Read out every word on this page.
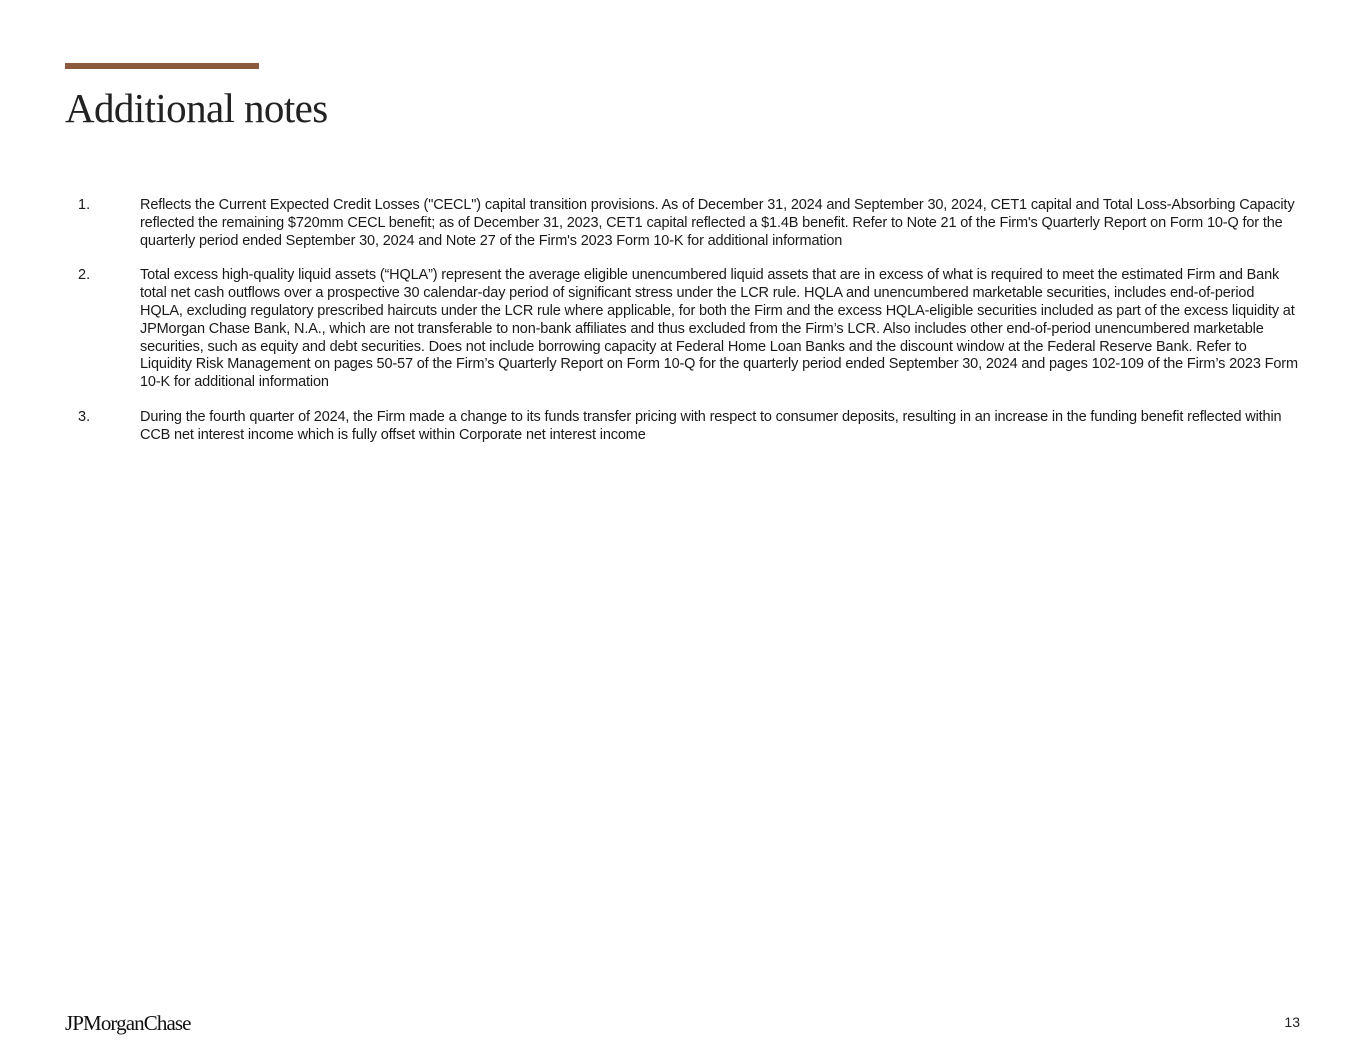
Additional notes
1.	Reflects the Current Expected Credit Losses ("CECL") capital transition provisions. As of December 31, 2024 and September 30, 2024, CET1 capital and Total Loss-Absorbing Capacity reflected the remaining $720mm CECL benefit; as of December 31, 2023, CET1 capital reflected a $1.4B benefit. Refer to Note 21 of the Firm's Quarterly Report on Form 10-Q for the quarterly period ended September 30, 2024 and Note 27 of the Firm's 2023 Form 10-K for additional information
2.	Total excess high-quality liquid assets (“HQLA”) represent the average eligible unencumbered liquid assets that are in excess of what is required to meet the estimated Firm and Bank total net cash outflows over a prospective 30 calendar-day period of significant stress under the LCR rule. HQLA and unencumbered marketable securities, includes end-of-period HQLA, excluding regulatory prescribed haircuts under the LCR rule where applicable, for both the Firm and the excess HQLA-eligible securities included as part of the excess liquidity at JPMorgan Chase Bank, N.A., which are not transferable to non-bank affiliates and thus excluded from the Firm’s LCR. Also includes other end-of-period unencumbered marketable securities, such as equity and debt securities. Does not include borrowing capacity at Federal Home Loan Banks and the discount window at the Federal Reserve Bank. Refer to Liquidity Risk Management on pages 50-57 of the Firm’s Quarterly Report on Form 10-Q for the quarterly period ended September 30, 2024 and pages 102-109 of the Firm’s 2023 Form 10-K for additional information
3.	During the fourth quarter of 2024, the Firm made a change to its funds transfer pricing with respect to consumer deposits, resulting in an increase in the funding benefit reflected within CCB net interest income which is fully offset within Corporate net interest income
JPMorganChase	13
